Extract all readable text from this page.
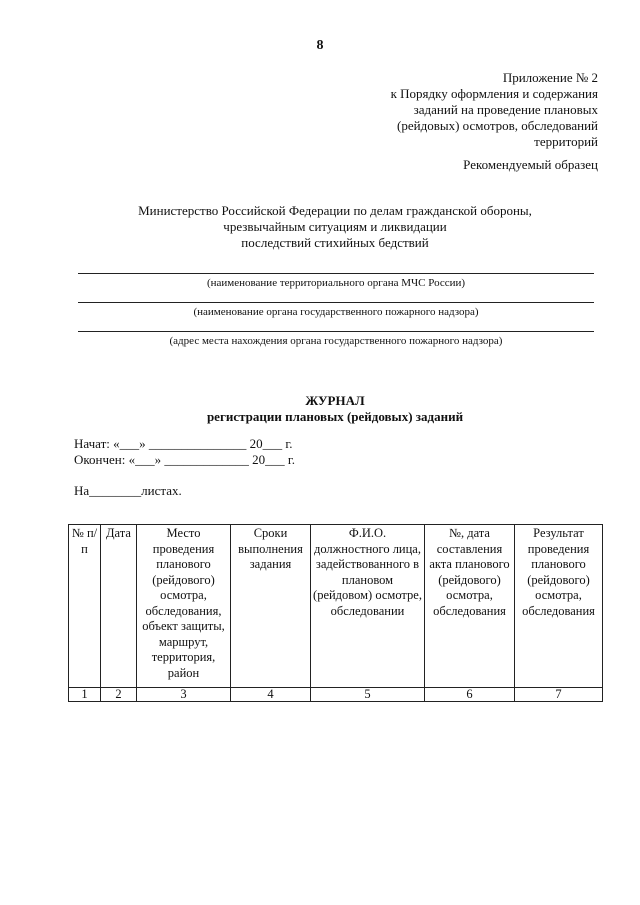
8
Приложение № 2
к Порядку оформления и содержания
заданий на проведение плановых
(рейдовых) осмотров, обследований
территорий
Рекомендуемый образец
Министерство Российской Федерации по делам гражданской обороны,
чрезвычайным ситуациям и ликвидации
последствий стихийных бедствий
(наименование территориального органа МЧС России)
(наименование органа государственного пожарного надзора)
(адрес места нахождения органа государственного пожарного надзора)
ЖУРНАЛ
регистрации плановых (рейдовых) заданий
Начат: «___» _______________ 20___ г.
Окончен: «___» _____________ 20___ г.
На________листах.
№ п/п	Дата	Место проведения планового (рейдового) осмотра, обследования, объект защиты, маршрут, территория, район	Сроки выполнения задания	Ф.И.О. должностного лица, задействованного в плановом (рейдовом) осмотре, обследовании	№, дата составления акта планового (рейдового) осмотра, обследования	Результат проведения планового (рейдового) осмотра, обследования
1	2	3	4	5	6	7
